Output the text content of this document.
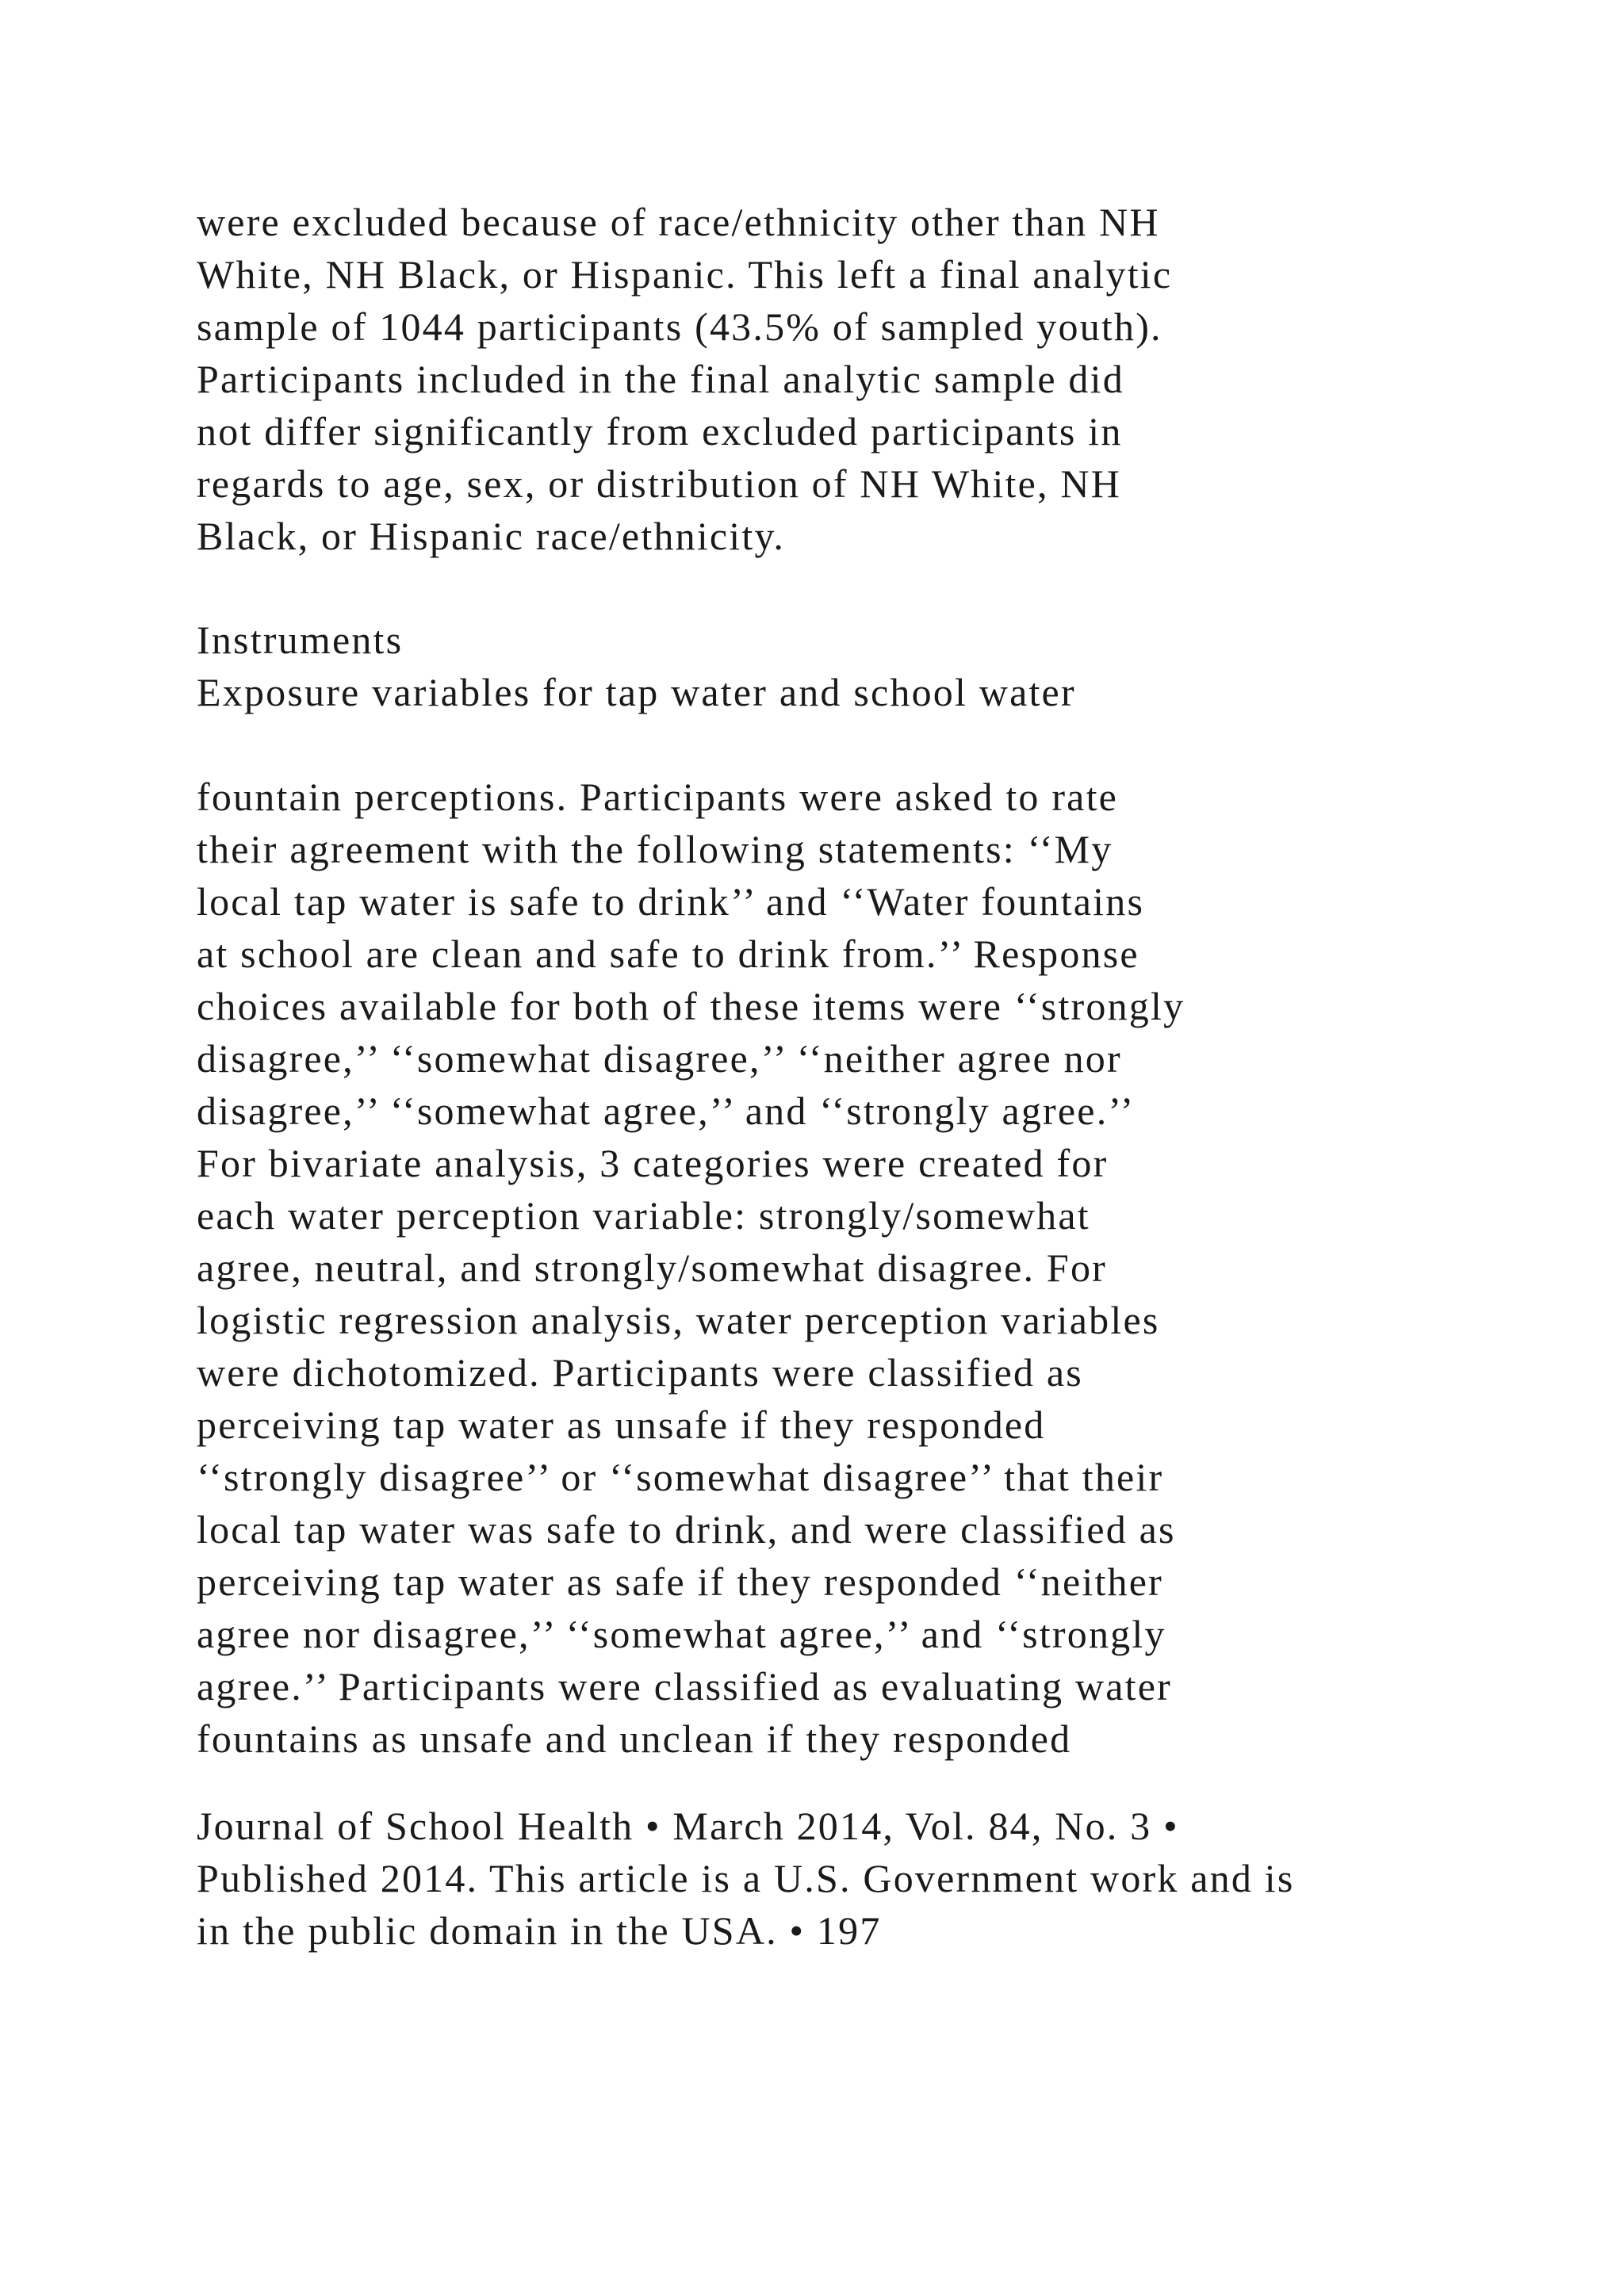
were excluded because of race/ethnicity other than NH
White, NH Black, or Hispanic. This left a final analytic
sample of 1044 participants (43.5% of sampled youth).
Participants included in the final analytic sample did
not differ significantly from excluded participants in
regards to age, sex, or distribution of NH White, NH
Black, or Hispanic race/ethnicity.
Instruments
Exposure variables for tap water and school water
fountain perceptions. Participants were asked to rate
their agreement with the following statements: ‘‘My
local tap water is safe to drink’’ and ‘‘Water fountains
at school are clean and safe to drink from.’’ Response
choices available for both of these items were ‘‘strongly
disagree,’’ ‘‘somewhat disagree,’’ ‘‘neither agree nor
disagree,’’ ‘‘somewhat agree,’’ and ‘‘strongly agree.’’
For bivariate analysis, 3 categories were created for
each water perception variable: strongly/somewhat
agree, neutral, and strongly/somewhat disagree. For
logistic regression analysis, water perception variables
were dichotomized. Participants were classified as
perceiving tap water as unsafe if they responded
‘‘strongly disagree’’ or ‘‘somewhat disagree’’ that their
local tap water was safe to drink, and were classified as
perceiving tap water as safe if they responded ‘‘neither
agree nor disagree,’’ ‘‘somewhat agree,’’ and ‘‘strongly
agree.’’ Participants were classified as evaluating water
fountains as unsafe and unclean if they responded
Journal of School Health • March 2014, Vol. 84, No. 3 •
Published 2014. This article is a U.S. Government work and is
in the public domain in the USA. • 197
